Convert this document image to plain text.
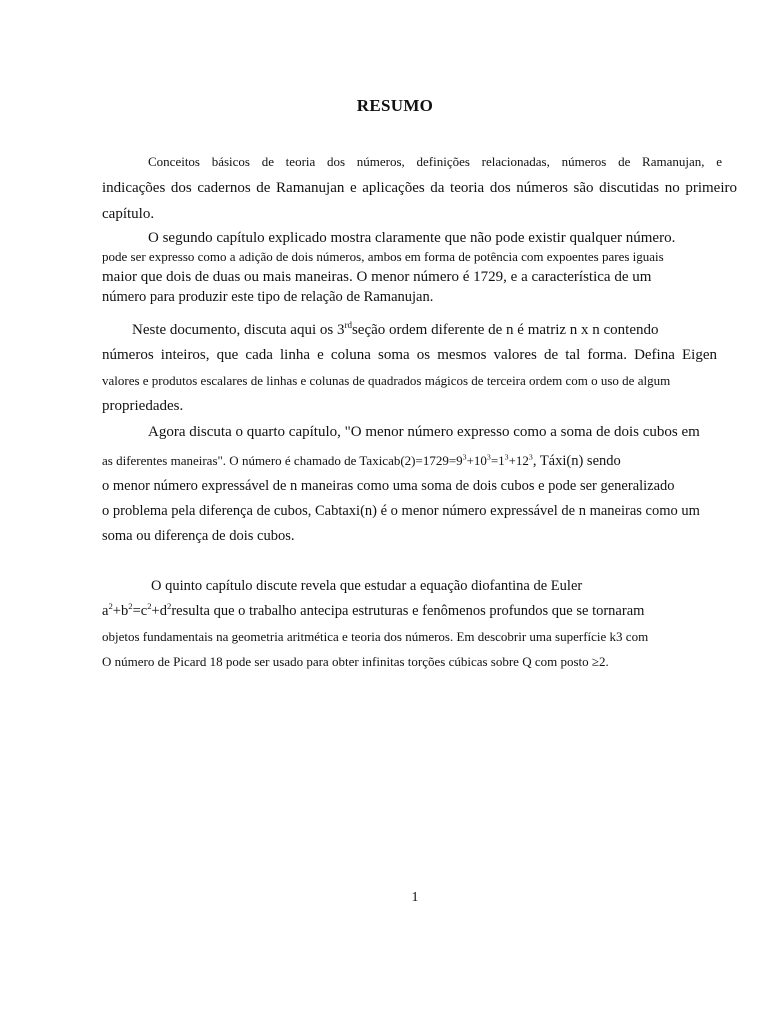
RESUMO
Conceitos básicos de teoria dos números, definições relacionadas, números de Ramanujan, e
indicações dos cadernos de Ramanujan e aplicações da teoria dos números são discutidas no primeiro
capítulo.
O segundo capítulo explicado mostra claramente que não pode existir qualquer número.
pode ser expresso como a adição de dois números, ambos em forma de potência com expoentes pares iguais
maior que dois de duas ou mais maneiras. O menor número é 1729, e a característica de um
número para produzir este tipo de relação de Ramanujan.
Neste documento, discuta aqui os 3rdseção ordem diferente de n é matriz n x n contendo
números inteiros, que cada linha e coluna soma os mesmos valores de tal forma. Defina Eigen
valores e produtos escalares de linhas e colunas de quadrados mágicos de terceira ordem com o uso de algum
propriedades.
Agora discuta o quarto capítulo, "O menor número expresso como a soma de dois cubos em
as diferentes maneiras". O número é chamado de $Taxicab(2)=1729=9^3+10^3=1^3+12^3$, Táxi(n) sendo
o menor número expressável de n maneiras como uma soma de dois cubos e pode ser generalizado
o problema pela diferença de cubos, Cabtaxi(n) é o menor número expressável de n maneiras como um
soma ou diferença de dois cubos.
O quinto capítulo discute revela que estudar a equação diofantina de Euler
$a^2+b^2=c^2+d^2resulta$ que o trabalho antecipa estruturas e fenômenos profundos que se tornaram
objetos fundamentais na geometria aritmética e teoria dos números. Em descobrir uma superfície k3 com
O número de Picard 18 pode ser usado para obter infinitas torções cúbicas sobre Q com posto ≥2.
1
